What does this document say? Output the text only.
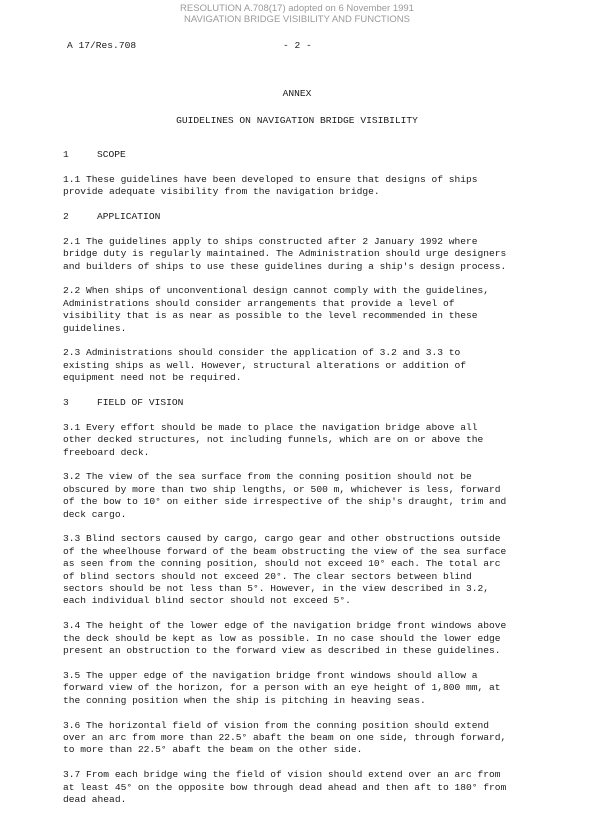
RESOLUTION A.708(17) adopted on 6 November 1991
NAVIGATION BRIDGE VISIBILITY AND FUNCTIONS
A 17/Res.708	- 2 -
ANNEX
GUIDELINES ON NAVIGATION BRIDGE VISIBILITY
1	SCOPE
1.1 These guidelines have been developed to ensure that designs of ships
provide adequate visibility from the navigation bridge.
2	APPLICATION
2.1 The guidelines apply to ships constructed after 2 January 1992 where
bridge duty is regularly maintained. The Administration should urge designers
and builders of ships to use these guidelines during a ship's design process.
2.2 When ships of unconventional design cannot comply with the guidelines,
Administrations should consider arrangements that provide a level of
visibility that is as near as possible to the level recommended in these
guidelines.
2.3 Administrations should consider the application of 3.2 and 3.3 to
existing ships as well. However, structural alterations or addition of
equipment need not be required.
3	FIELD OF VISION
3.1 Every effort should be made to place the navigation bridge above all
other decked structures, not including funnels, which are on or above the
freeboard deck.
3.2 The view of the sea surface from the conning position should not be
obscured by more than two ship lengths, or 500 m, whichever is less, forward
of the bow to 10° on either side irrespective of the ship's draught, trim and
deck cargo.
3.3 Blind sectors caused by cargo, cargo gear and other obstructions outside
of the wheelhouse forward of the beam obstructing the view of the sea surface
as seen from the conning position, should not exceed 10° each. The total arc
of blind sectors should not exceed 20°. The clear sectors between blind
sectors should be not less than 5°. However, in the view described in 3.2,
each individual blind sector should not exceed 5°.
3.4 The height of the lower edge of the navigation bridge front windows above
the deck should be kept as low as possible. In no case should the lower edge
present an obstruction to the forward view as described in these guidelines.
3.5 The upper edge of the navigation bridge front windows should allow a
forward view of the horizon, for a person with an eye height of 1,800 mm, at
the conning position when the ship is pitching in heaving seas.
3.6 The horizontal field of vision from the conning position should extend
over an arc from more than 22.5° abaft the beam on one side, through forward,
to more than 22.5° abaft the beam on the other side.
3.7 From each bridge wing the field of vision should extend over an arc from
at least 45° on the opposite bow through dead ahead and then aft to 180° from
dead ahead.
